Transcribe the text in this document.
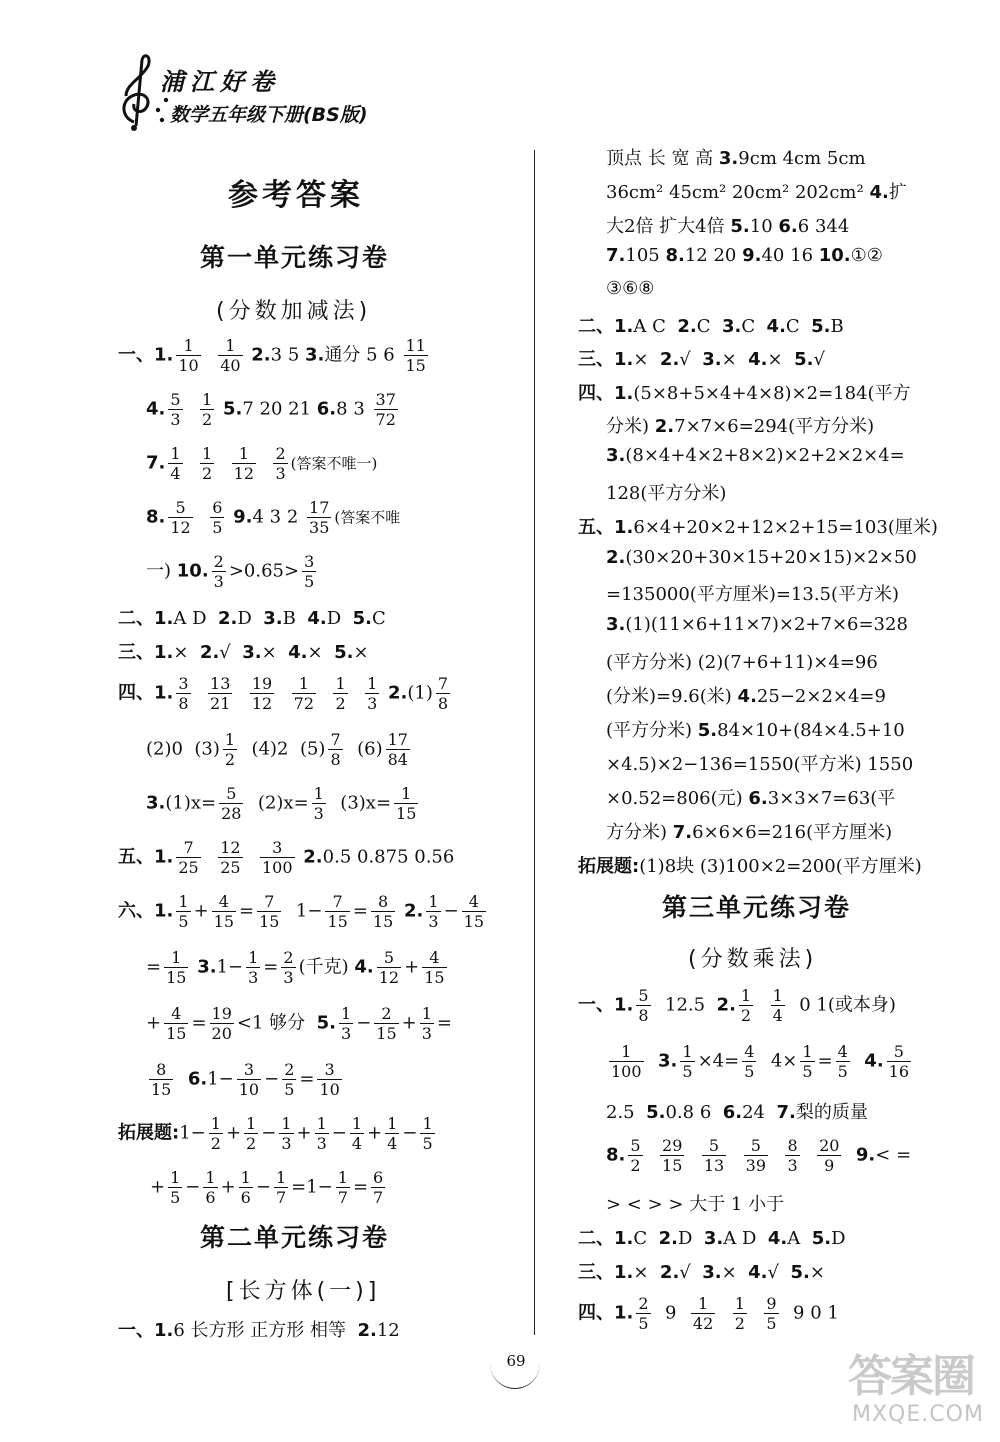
浦江好卷
数学五年级下册(BS版)
参考答案
第一单元练习卷
(分数加减法)
一、1. $\frac{1}{10}$
$\frac{1}{40} 2.3$ 5 3.通分 5 $6 \frac{11}{15}$
4. $\frac{5}{3}$
$\frac{1}{2} 5.7$ 20 21 6.8 $3 \frac{37}{72}$
7. $\frac{1}{4}$
$\frac{1}{2}$
$\frac{1}{12}$
$\frac{2}{3}$ (答案不唯一)
8. $\frac{5}{12}$
$\frac{6}{5} 9.4$ 3 $2 \frac{17}{35}$ (答案不唯
一) 10. $\frac{2}{3} >0.65> \frac{3}{5}$
二、1.A D 2.D 3.B 4.D 5.C
三、1.× 2.√ 3.× 4.× 5.×
四、1. $\frac{3}{8}$
$\frac{13}{21}$
$\frac{19}{12}$
$\frac{1}{72}$
$\frac{1}{2}$
$\frac{1}{3} 2.(1) \frac{7}{8}$
(2)0 $(3) \frac{1}{2} (4)2$ $(5) \frac{7}{8} (6) \frac{17}{84}$
$3.(1)x= \frac{5}{28} (2)x= \frac{1}{3} (3)x= \frac{1}{15}$
五、1. $\frac{7}{25}$
$\frac{12}{25}$
$\frac{3}{100} 2.0.5$ 0.875 0.56
六、1. $\frac{1}{5} + \frac{4}{15} = \frac{7}{15} 1- \frac{7}{15} = \frac{8}{15} 2$. $\frac{1}{3} - \frac{4}{15}$
= $\frac{1}{15} 3.1- \frac{1}{3} = \frac{2}{3}$ (千克) 4. $\frac{5}{12} + \frac{4}{15}$
+ $\frac{4}{15} = \frac{19}{20} <1$ 够分 5. $\frac{1}{3} - \frac{2}{15} + \frac{1}{3}$ =
$\frac{8}{15} 6.1- \frac{3}{10} - \frac{2}{5} = \frac{3}{10}$
拓展题:1− $\frac{1}{2} + \frac{1}{2} - \frac{1}{3} + \frac{1}{3} - \frac{1}{4} + \frac{1}{4} - \frac{1}{5}$
+ $\frac{1}{5} - \frac{1}{6} + \frac{1}{6} - \frac{1}{7} =1- \frac{1}{7} = \frac{6}{7}$
第二单元练习卷
[长方体(一)]
一、1.6 长方形 正方形 相等 2.12
顶点 长 宽 高 3.9cm 4cm 5cm
36cm² 45cm² 20cm² 202cm² 4.扩
大2倍 扩大4倍 5.10 6.6 344
7.105 8.12 20 9.40 16 10.①②
③⑥⑧
二、1.A C 2.C 3.C 4.C 5.B
三、1.× 2.√ 3.× 4.× 5.√
四、1.(5×8+5×4+4×8)×2=184(平方
分米) 2.7×7×6=294(平方分米)
3.(8×4+4×2+8×2)×2+2×2×4=
128(平方分米)
五、1.6×4+20×2+12×2+15=103(厘米)
2.(30×20+30×15+20×15)×2×50
=135000(平方厘米)=13.5(平方米)
3.(1)(11×6+11×7)×2+7×6=328
(平方分米) (2)(7+6+11)×4=96
(分米)=9.6(米) 4.25−2×2×4=9
(平方分米) 5.84×10+(84×4.5+10
×4.5)×2−136=1550(平方米) 1550
×0.52=806(元) 6.3×3×7=63(平
方分米) 7.6×6×6=216(平方厘米)
拓展题:(1)8块 (3)100×2=200(平方厘米)
第三单元练习卷
(分数乘法)
一、1. $\frac{5}{8} 12.5$ 2. $\frac{1}{2}$
$\frac{1}{4} 0$ 1(或本身)
$\frac{1}{100} 3$. $\frac{1}{5} \times 4= \frac{4}{5} 4\times \frac{1}{5} = \frac{4}{5} 4$. $\frac{5}{16}$
2.5 5.0.8 6 6.24 7.梨的质量
8. $\frac{5}{2}$
$\frac{29}{15}$
$\frac{5}{13}$
$\frac{5}{39}$
$\frac{8}{3}$
$\frac{20}{9} 9.<$ =
> < > > 大于 1 小于
二、1.C 2.D 3.A D 4.A 5.D
三、1.× 2.√ 3.× 4.√ 5.×
四、1. $\frac{2}{5} 9 \frac{1}{42}$
$\frac{1}{2}$
$\frac{9}{5} 9$ 0 1
69	答案圈
MXQE.COM
